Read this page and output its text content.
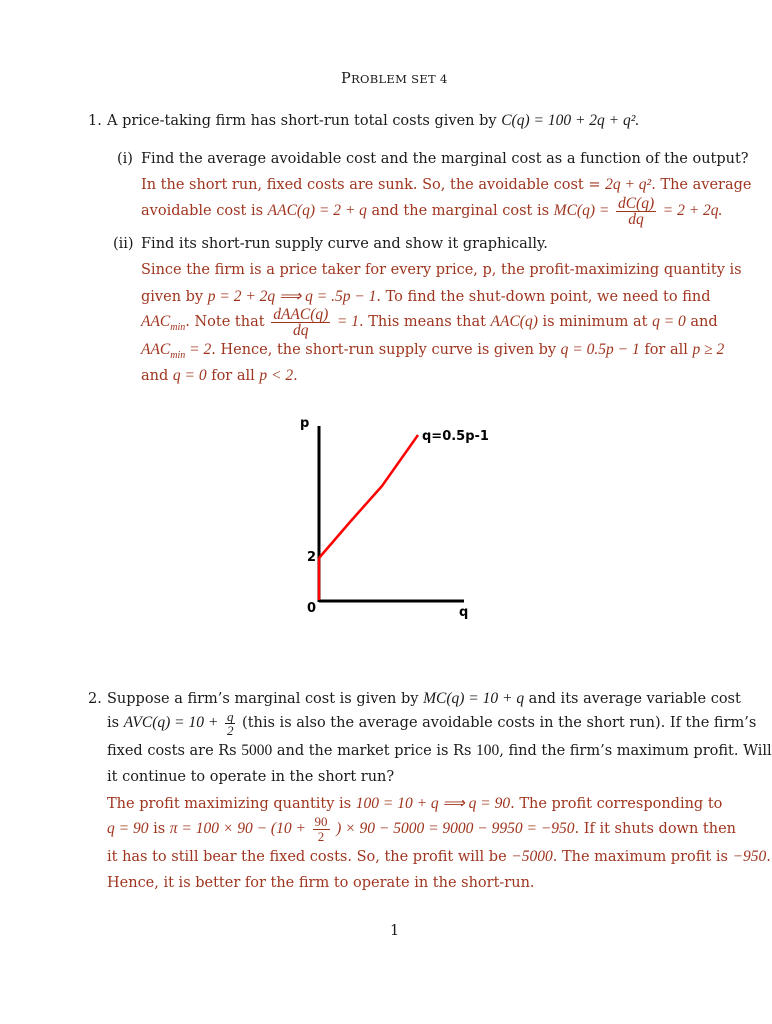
PROBLEM SET 4
1. A price-taking firm has short-run total costs given by C(q) = 100 + 2q + q².
(i) Find the average avoidable cost and the marginal cost as a function of the output?
In the short run, fixed costs are sunk. So, the avoidable cost = 2q + q². The average
avoidable cost is AAC(q) = 2 + q and the marginal cost is $MC(q) = \frac{dC(q)}{dq} = 2 + 2q$.
(ii) Find its short-run supply curve and show it graphically.
Since the firm is a price taker for every price, p, the profit-maximizing quantity is
given by p = 2 + 2q ⟹ q = .5p − 1. To find the shut-down point, we need to find
$AAC_{min}$. Note that $\frac{\text{dAAC(q)}}{dq} = 1$. This means that AAC(q) is minimum at q = 0 and
$AAC_{min} = 2$. Hence, the short-run supply curve is given by q = 0.5p − 1 for all p ≥ 2
and q = 0 for all p < 2.
p
q
0
2
q=0.5p-1
2. Suppose a firm’s marginal cost is given by MC(q) = 10 + q and its average variable cost
is $AVC(q) = 10 + \frac{q}{2}$ (this is also the average avoidable costs in the short run). If the firm’s
fixed costs are Rs 5000 and the market price is Rs 100, find the firm’s maximum profit. Will
it continue to operate in the short run?
The profit maximizing quantity is 100 = 10 + q ⟹ q = 90. The profit corresponding to
q = 90 is $\pi = 100 \times 90 - (10 + \frac{90}{2}$ ) × 90 − 5000 = 9000 − 9950 = −950. If it shuts down then
it has to still bear the fixed costs. So, the profit will be −5000. The maximum profit is −950.
Hence, it is better for the firm to operate in the short-run.
1
